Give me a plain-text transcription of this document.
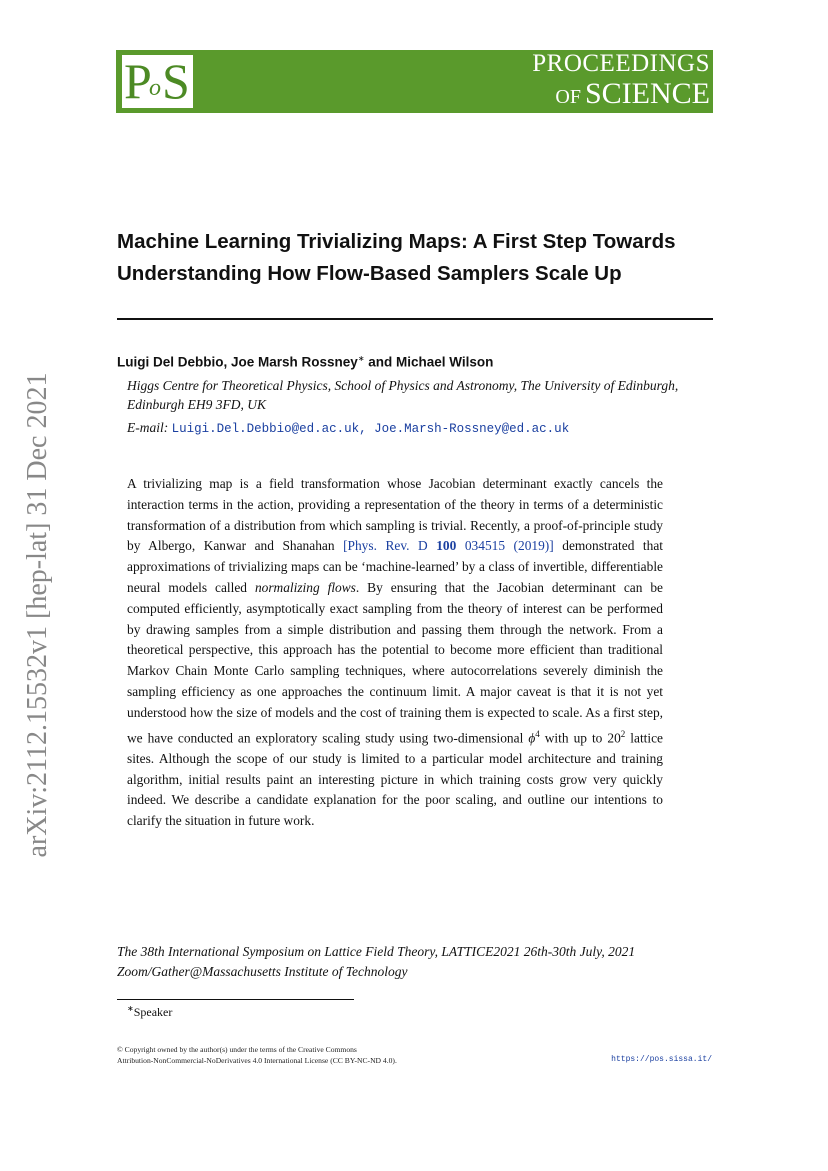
P
o S	PROCEEDINGS
OF SCIENCE
arXiv:2112.15532v1 [hep-lat] 31 Dec 2021
Machine Learning Trivializing Maps: A First Step Towards
Understanding How Flow-Based Samplers Scale Up
Luigi Del Debbio, Joe Marsh Rossney∗ and Michael Wilson
Higgs Centre for Theoretical Physics, School of Physics and Astronomy, The University of Edinburgh, Edinburgh EH9 3FD, UK
E-mail: Luigi.Del.Debbio@ed.ac.uk, Joe.Marsh-Rossney@ed.ac.uk
A trivializing map is a field transformation whose Jacobian determinant exactly cancels the interaction terms in the action, providing a representation of the theory in terms of a deterministic transformation of a distribution from which sampling is trivial. Recently, a proof-of-principle study by Albergo, Kanwar and Shanahan [Phys. Rev. D 100 034515 (2019)] demonstrated that approximations of trivializing maps can be ‘machine-learned’ by a class of invertible, differentiable neural models called normalizing flows. By ensuring that the Jacobian determinant can be computed efficiently, asymptotically exact sampling from the theory of interest can be performed by drawing samples from a simple distribution and passing them through the network. From a theoretical perspective, this approach has the potential to become more efficient than traditional Markov Chain Monte Carlo sampling techniques, where autocorrelations severely diminish the sampling efficiency as one approaches the continuum limit. A major caveat is that it is not yet understood how the size of models and the cost of training them is expected to scale. As a first step, we have conducted an exploratory scaling study using two-dimensional $\phi^4$ with up to $20^2$ lattice sites. Although the scope of our study is limited to a particular model architecture and training algorithm, initial results paint an interesting picture in which training costs grow very quickly indeed. We describe a candidate explanation for the poor scaling, and outline our intentions to clarify the situation in future work.
The 38th International Symposium on Lattice Field Theory, LATTICE2021 26th-30th July, 2021
Zoom/Gather@Massachusetts Institute of Technology
∗Speaker
© Copyright owned by the author(s) under the terms of the Creative Commons
Attribution-NonCommercial-NoDerivatives 4.0 International License (CC BY-NC-ND 4.0).	https://pos.sissa.it/
